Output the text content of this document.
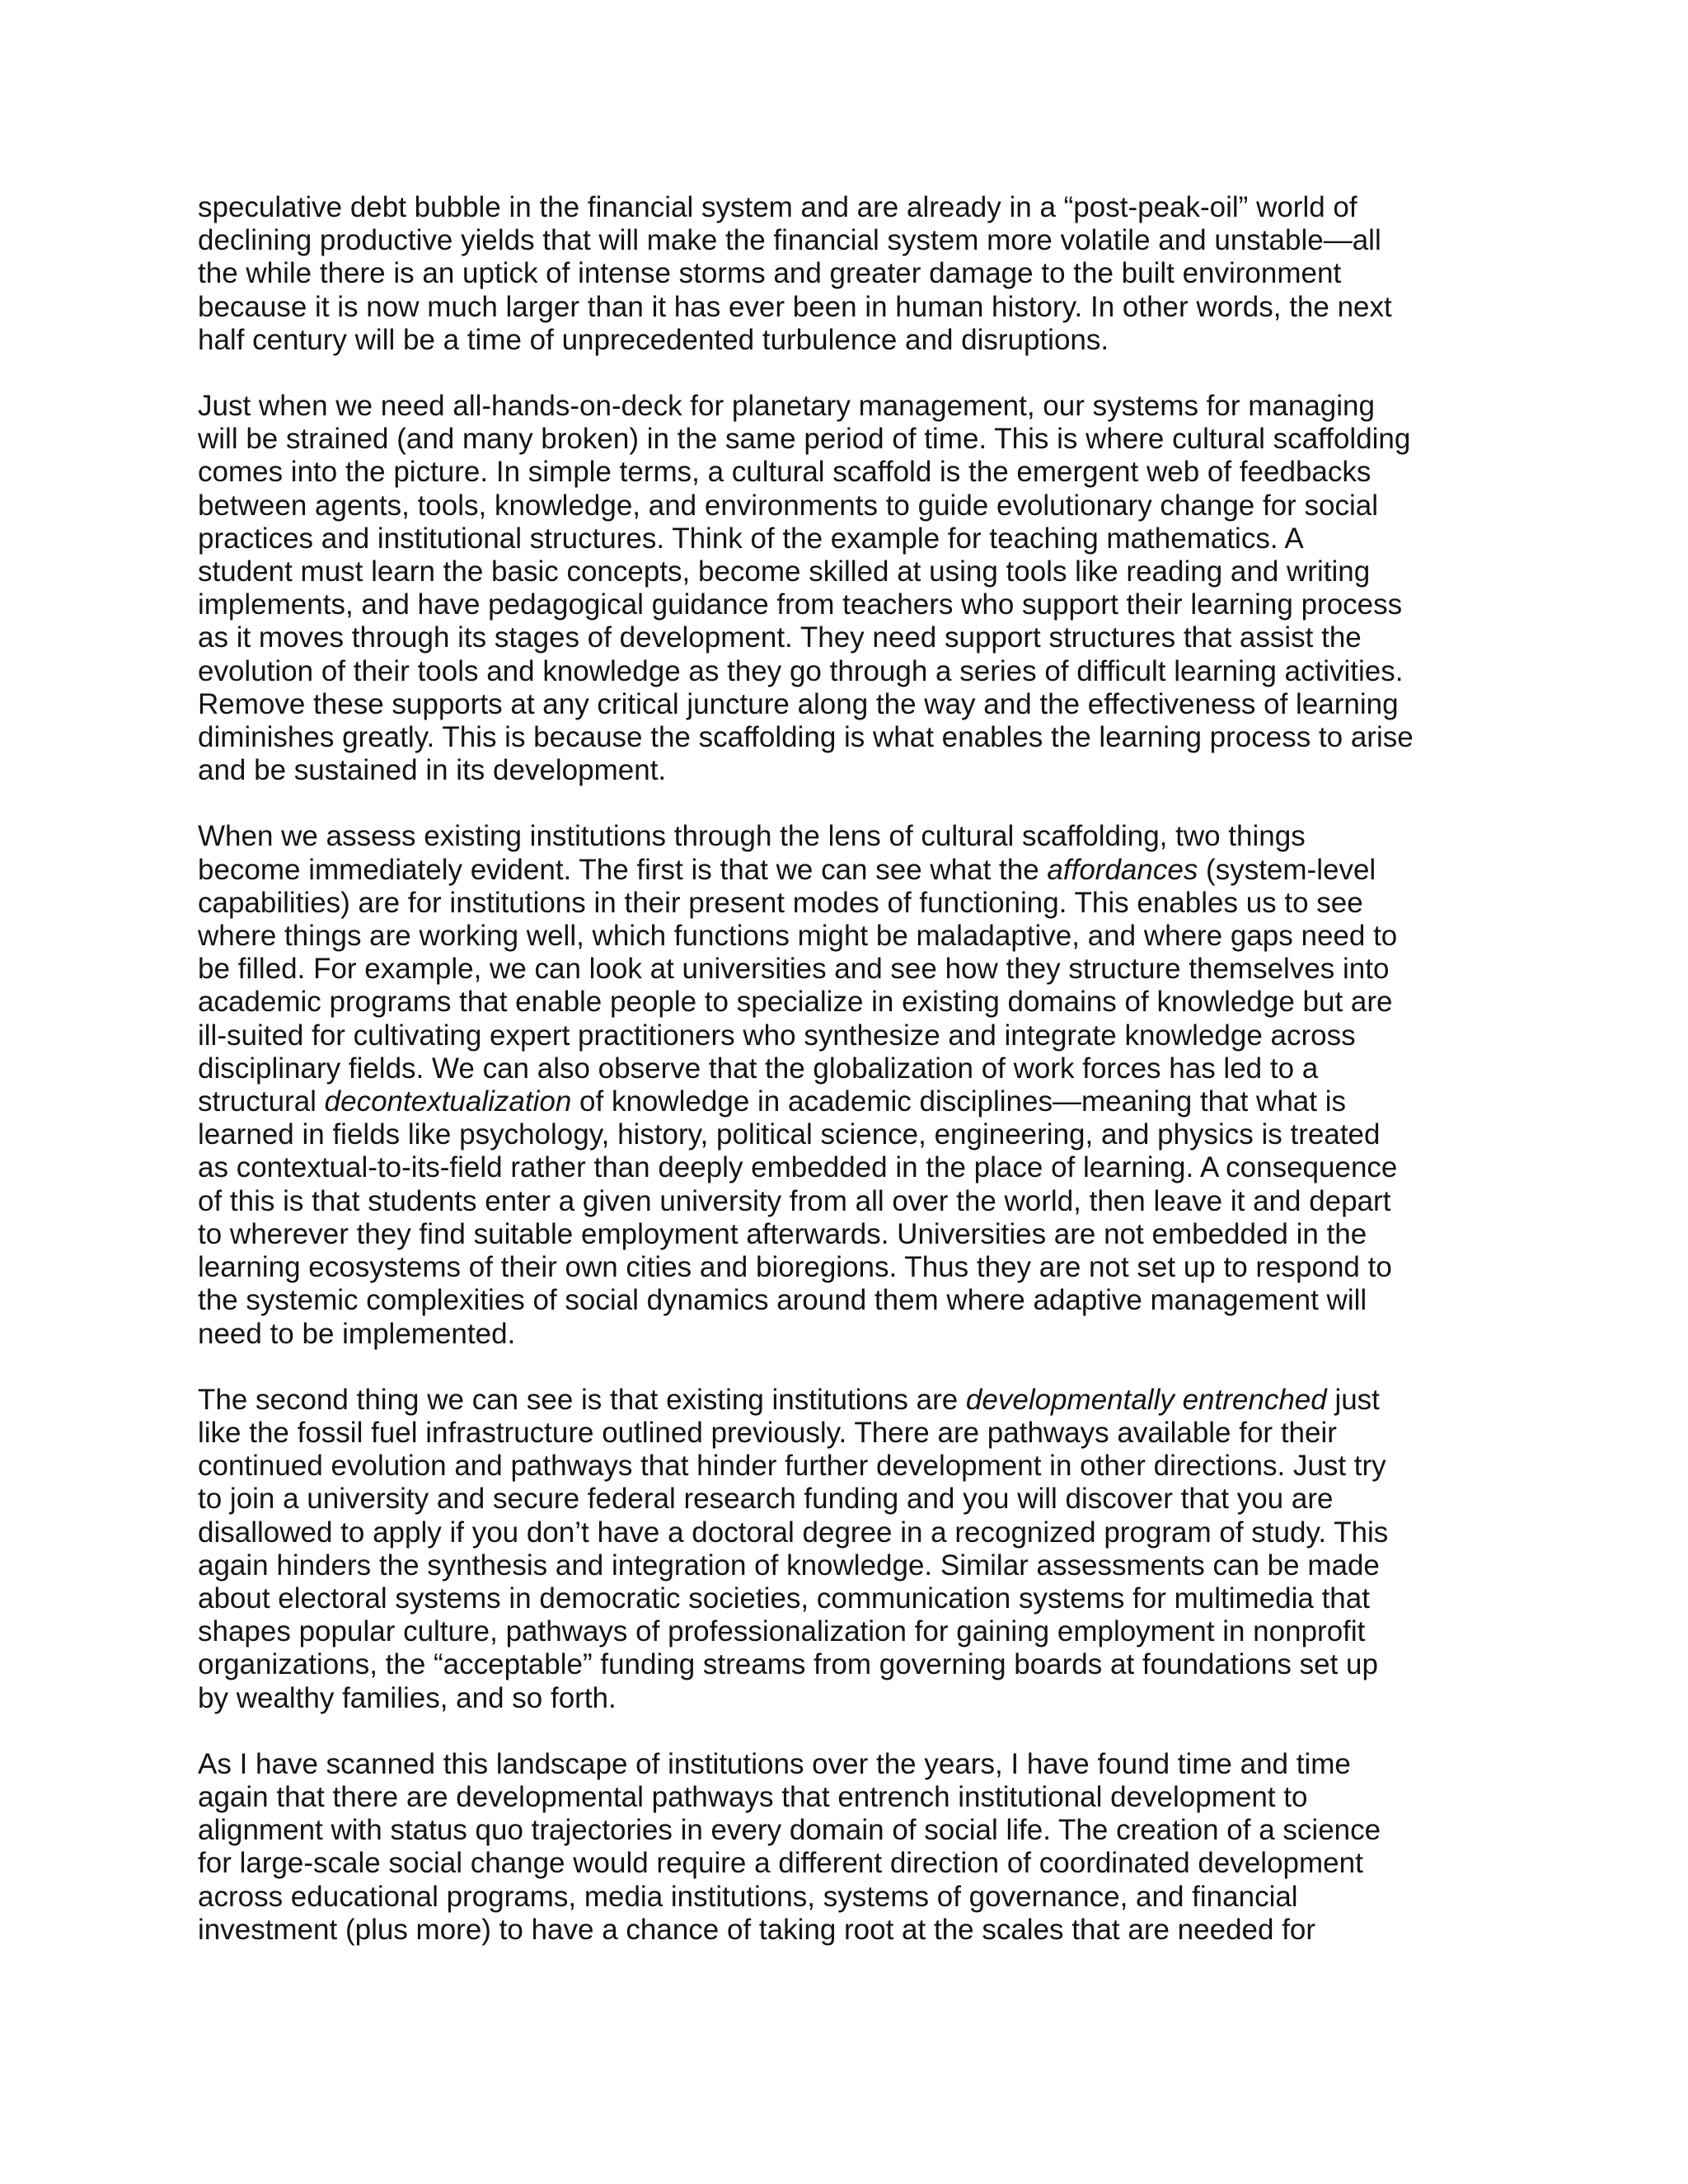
speculative debt bubble in the financial system and are already in a “post-peak-oil” world of
declining productive yields that will make the financial system more volatile and unstable—all
the while there is an uptick of intense storms and greater damage to the built environment
because it is now much larger than it has ever been in human history. In other words, the next
half century will be a time of unprecedented turbulence and disruptions.
Just when we need all-hands-on-deck for planetary management, our systems for managing
will be strained (and many broken) in the same period of time. This is where cultural scaffolding
comes into the picture. In simple terms, a cultural scaffold is the emergent web of feedbacks
between agents, tools, knowledge, and environments to guide evolutionary change for social
practices and institutional structures. Think of the example for teaching mathematics. A
student must learn the basic concepts, become skilled at using tools like reading and writing
implements, and have pedagogical guidance from teachers who support their learning process
as it moves through its stages of development. They need support structures that assist the
evolution of their tools and knowledge as they go through a series of difficult learning activities.
Remove these supports at any critical juncture along the way and the effectiveness of learning
diminishes greatly. This is because the scaffolding is what enables the learning process to arise
and be sustained in its development.
When we assess existing institutions through the lens of cultural scaffolding, two things
become immediately evident. The first is that we can see what the affordances (system-level
capabilities) are for institutions in their present modes of functioning. This enables us to see
where things are working well, which functions might be maladaptive, and where gaps need to
be filled. For example, we can look at universities and see how they structure themselves into
academic programs that enable people to specialize in existing domains of knowledge but are
ill-suited for cultivating expert practitioners who synthesize and integrate knowledge across
disciplinary fields. We can also observe that the globalization of work forces has led to a
structural decontextualization of knowledge in academic disciplines—meaning that what is
learned in fields like psychology, history, political science, engineering, and physics is treated
as contextual-to-its-field rather than deeply embedded in the place of learning. A consequence
of this is that students enter a given university from all over the world, then leave it and depart
to wherever they find suitable employment afterwards. Universities are not embedded in the
learning ecosystems of their own cities and bioregions. Thus they are not set up to respond to
the systemic complexities of social dynamics around them where adaptive management will
need to be implemented.
The second thing we can see is that existing institutions are developmentally entrenched just
like the fossil fuel infrastructure outlined previously. There are pathways available for their
continued evolution and pathways that hinder further development in other directions. Just try
to join a university and secure federal research funding and you will discover that you are
disallowed to apply if you don’t have a doctoral degree in a recognized program of study. This
again hinders the synthesis and integration of knowledge. Similar assessments can be made
about electoral systems in democratic societies, communication systems for multimedia that
shapes popular culture, pathways of professionalization for gaining employment in nonprofit
organizations, the “acceptable” funding streams from governing boards at foundations set up
by wealthy families, and so forth.
As I have scanned this landscape of institutions over the years, I have found time and time
again that there are developmental pathways that entrench institutional development to
alignment with status quo trajectories in every domain of social life. The creation of a science
for large-scale social change would require a different direction of coordinated development
across educational programs, media institutions, systems of governance, and financial
investment (plus more) to have a chance of taking root at the scales that are needed for
